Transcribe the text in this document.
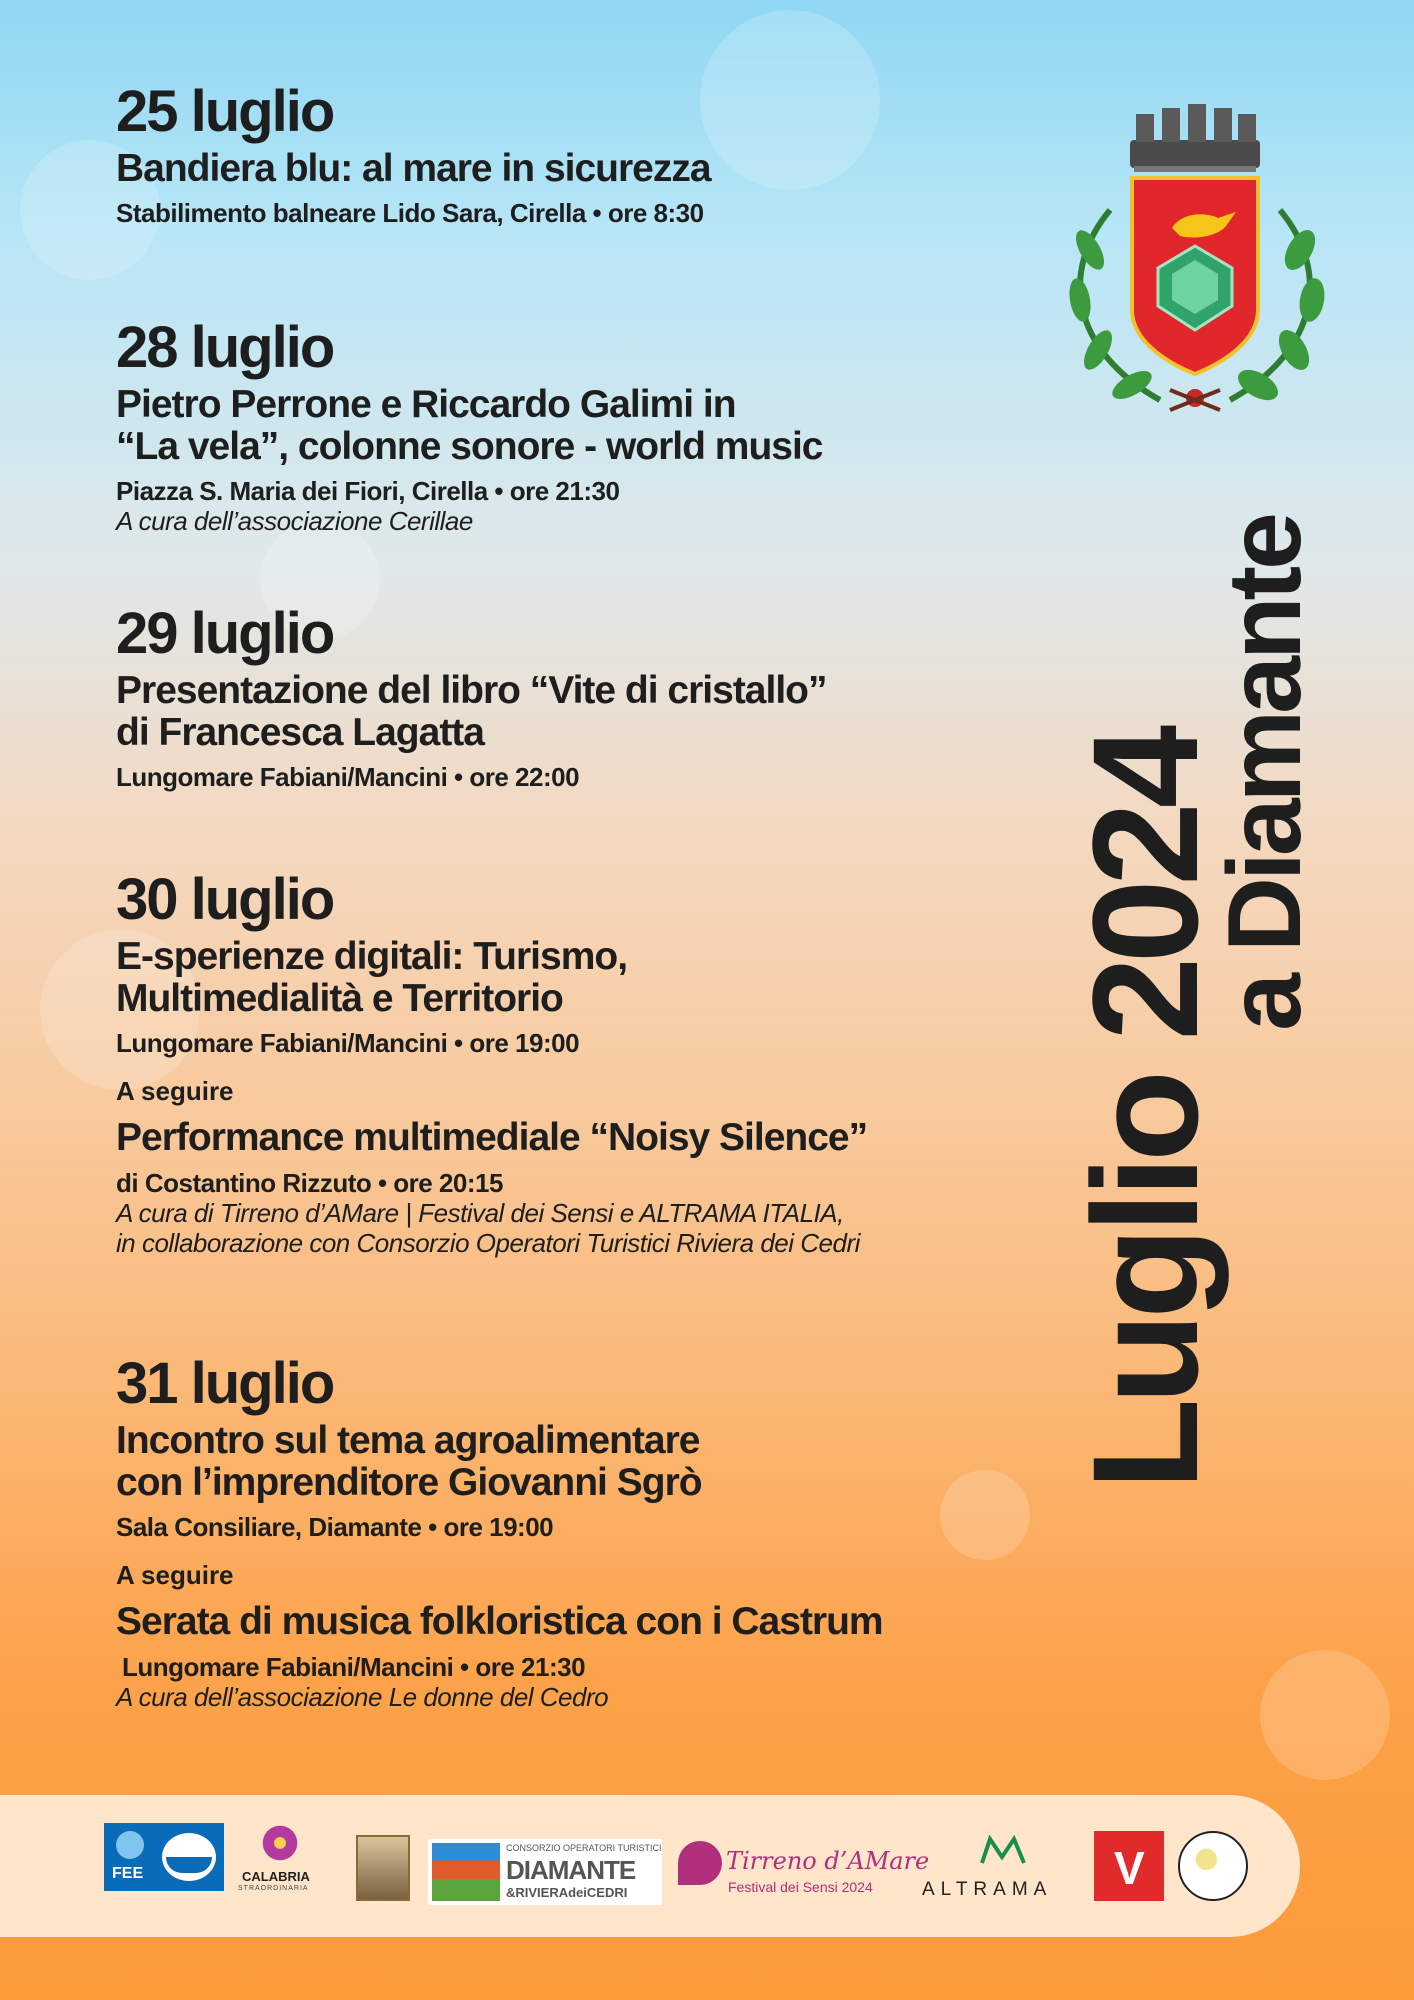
25 luglio

Bandiera blu: al mare in sicurezza

Stabilimento balneare Lido Sara, Cirella • ore 8:30

28 luglio

Pietro Perrone e Riccardo Galimi in
“La vela”, colonne sonore - world music

Piazza S. Maria dei Fiori, Cirella • ore 21:30

A cura dell’associazione Cerillae

29 luglio

Presentazione del libro “Vite di cristallo”
di Francesca Lagatta

Lungomare Fabiani/Mancini • ore 22:00

30 luglio

E-sperienze digitali: Turismo,
Multimedialità e Territorio

Lungomare Fabiani/Mancini • ore 19:00

A seguire

Performance multimediale “Noisy Silence”

di Costantino Rizzuto • ore 20:15

A cura di Tirreno d’AMare | Festival dei Sensi e ALTRAMA ITALIA,
in collaborazione con Consorzio Operatori Turistici Riviera dei Cedri

31 luglio

Incontro sul tema agroalimentare
con l’imprenditore Giovanni Sgrò

Sala Consiliare, Diamante • ore 19:00

A seguire

Serata di musica folkloristica con i Castrum

Lungomare Fabiani/Mancini • ore 21:30

A cura dell’associazione Le donne del Cedro

Luglio 2024
a Diamante
FEE	CALABRIA
STRAORDINARIA
CONSORZIO OPERATORI TURISTICI
DIAMANTE
&RIVIERAdeiCEDRI
Tirreno d’AMare
Festival dei Sensi 2024	ALTRAMA V
